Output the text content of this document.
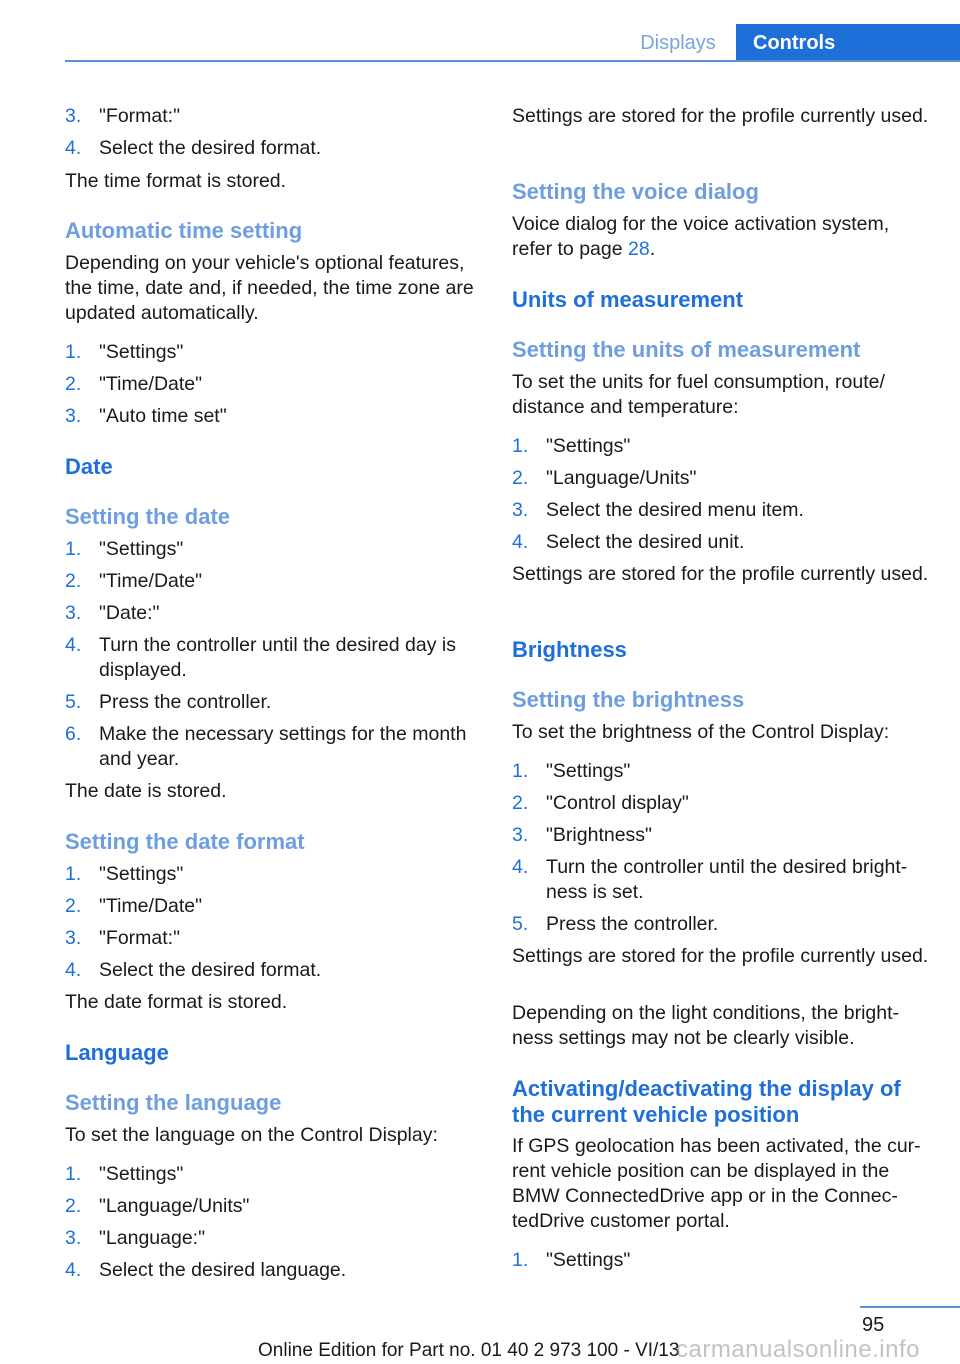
Displays	Controls
3. "Format:"
4. Select the desired format.

The time format is stored.

Automatic time setting

Depending on your vehicle's optional features, the time, date and, if needed, the time zone are updated automatically.

1. "Settings"
2. "Time/Date"
3. "Auto time set"
Date
Setting the date
1. "Settings"
2. "Time/Date"
3. "Date:"
4. Turn the controller until the desired day is displayed.
5. Press the controller.
6. Make the necessary settings for the month and year.

The date is stored.

Setting the date format
1. "Settings"
2. "Time/Date"
3. "Format:"
4. Select the desired format.

The date format is stored.

Language
Setting the language

To set the language on the Control Display:

1. "Settings"
2. "Language/Units"
3. "Language:"
4. Select the desired language.

Settings are stored for the profile currently used.

Setting the voice dialog

Voice dialog for the voice activation system, refer to page 28.

Units of measurement
Setting the units of measurement

To set the units for fuel consumption, route/ distance and temperature:

1. "Settings"
2. "Language/Units"
3. Select the desired menu item.
4. Select the desired unit.

Settings are stored for the profile currently used.

Brightness
Setting the brightness

To set the brightness of the Control Display:

1. "Settings"
2. "Control display"
3. "Brightness"
4. Turn the controller until the desired bright‐ ness is set.
5. Press the controller.

Settings are stored for the profile currently used.

Depending on the light conditions, the bright‐ ness settings may not be clearly visible.

Activating/deactivating the display of the current vehicle position

If GPS geolocation has been activated, the cur‐ rent vehicle position can be displayed in the BMW ConnectedDrive app or in the Connec‐ tedDrive customer portal.

1. "Settings"
95
Online Edition for Part no. 01 40 2 973 100 - VI/13
carmanualsonline.info
